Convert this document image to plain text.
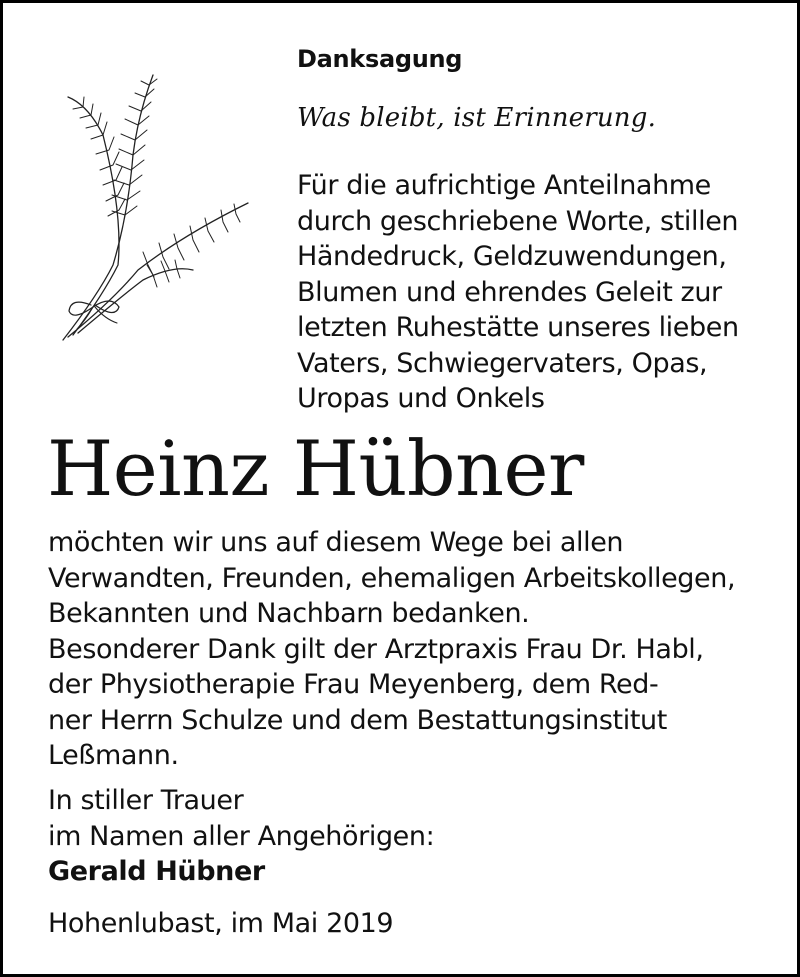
Danksagung
Was bleibt, ist Erinnerung.
Für die aufrichtige Anteilnahme
durch geschriebene Worte, stillen
Händedruck, Geldzuwendungen,
Blumen und ehrendes Geleit zur
letzten Ruhestätte unseres lieben
Vaters, Schwiegervaters, Opas,
Uropas und Onkels
Heinz Hübner
möchten wir uns auf diesem Wege bei allen
Verwandten, Freunden, ehemaligen Arbeitskollegen,
Bekannten und Nachbarn bedanken.
Besonderer Dank gilt der Arztpraxis Frau Dr. Habl,
der Physiotherapie Frau Meyenberg, dem Red-
ner Herrn Schulze und dem Bestattungsinstitut
Leßmann.
In stiller Trauer
im Namen aller Angehörigen:
Gerald Hübner
Hohenlubast, im Mai 2019
